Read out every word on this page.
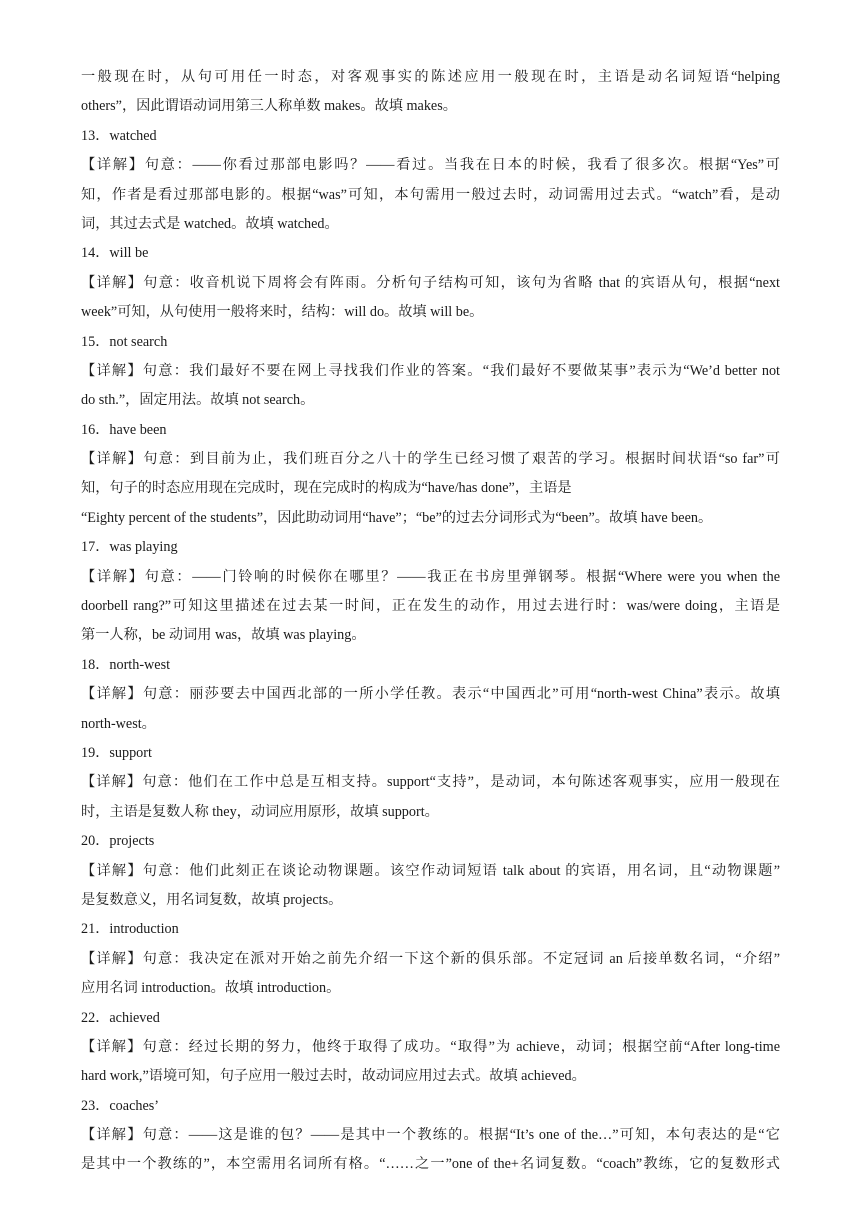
一般现在时，从句可用任一时态，对客观事实的陈述应用一般现在时，主语是动名词短语“helping
others”，因此谓语动词用第三人称单数 makes。故填 makes。
13．watched
【详解】句意：——你看过那部电影吗？——看过。当我在日本的时候，我看了很多次。根据“Yes”可
知，作者是看过那部电影的。根据“was”可知，本句需用一般过去时，动词需用过去式。“watch”看，是动
词，其过去式是 watched。故填 watched。
14．will be
【详解】句意：收音机说下周将会有阵雨。分析句子结构可知，该句为省略 that 的宾语从句，根据“next
week”可知，从句使用一般将来时，结构：will do。故填 will be。
15．not search
【详解】句意：我们最好不要在网上寻找我们作业的答案。“我们最好不要做某事”表示为“We’d better not
do sth.”，固定用法。故填 not search。
16．have been
【详解】句意：到目前为止，我们班百分之八十的学生已经习惯了艰苦的学习。根据时间状语“so far”可
知，句子的时态应用现在完成时，现在完成时的构成为“have/has done”，主语是
“Eighty percent of the students”，因此助动词用“have”；“be”的过去分词形式为“been”。故填 have been。
17．was playing
【详解】句意：——门铃响的时候你在哪里？——我正在书房里弹钢琴。根据“Where were you when the
doorbell rang?”可知这里描述在过去某一时间，正在发生的动作，用过去进行时：was/were doing，主语是
第一人称，be 动词用 was，故填 was playing。
18．north-west
【详解】句意：丽莎要去中国西北部的一所小学任教。表示“中国西北”可用“north-west China”表示。故填
north-west。
19．support
【详解】句意：他们在工作中总是互相支持。support“支持”，是动词，本句陈述客观事实，应用一般现在
时，主语是复数人称 they，动词应用原形，故填 support。
20．projects
【详解】句意：他们此刻正在谈论动物课题。该空作动词短语 talk about 的宾语，用名词，且“动物课题”
是复数意义，用名词复数，故填 projects。
21．introduction
【详解】句意：我决定在派对开始之前先介绍一下这个新的俱乐部。不定冠词 an 后接单数名词，“介绍”
应用名词 introduction。故填 introduction。
22．achieved
【详解】句意：经过长期的努力，他终于取得了成功。“取得”为 achieve，动词；根据空前“After long-time
hard work,”语境可知，句子应用一般过去时，故动词应用过去式。故填 achieved。
23．coaches’
【详解】句意：——这是谁的包？——是其中一个教练的。根据“It’s one of the…”可知，本句表达的是“它
是其中一个教练的”，本空需用名词所有格。“……之一”one of the+名词复数。“coach”教练，它的复数形式
